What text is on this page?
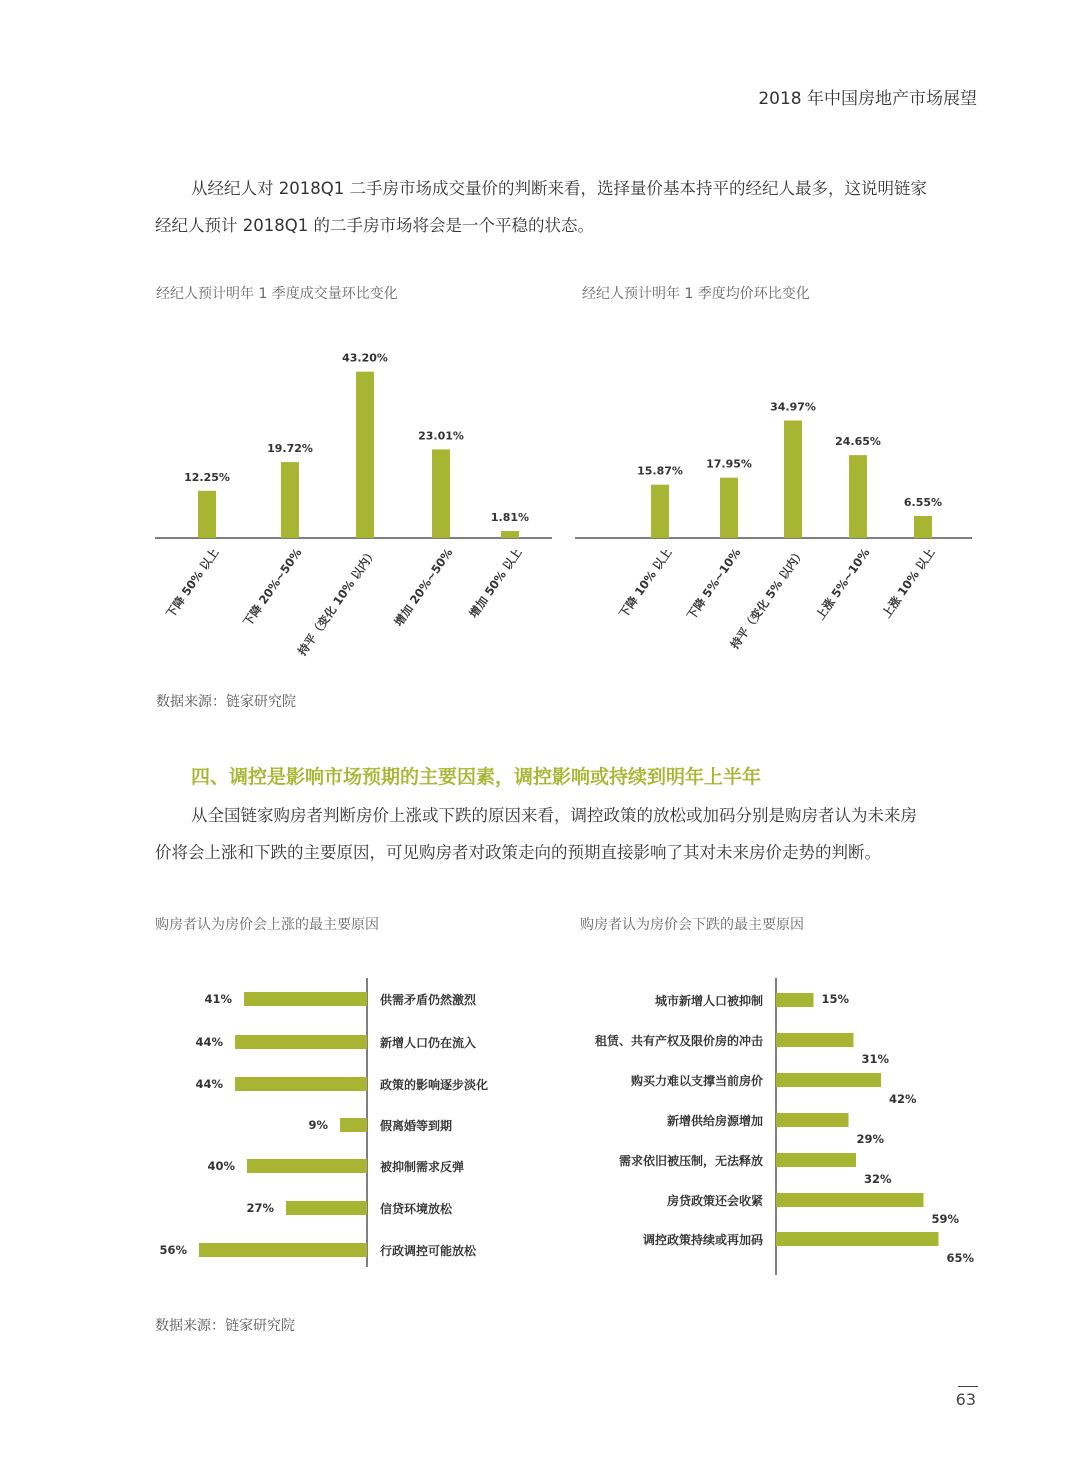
2018 年中国房地产市场展望

从经纪人对 2018Q1 二手房市场成交量价的判断来看，选择量价基本持平的经纪人最多，这说明链家
经纪人预计 2018Q1 的二手房市场将会是一个平稳的状态。

经纪人预计明年 1 季度成交量环比变化	经纪人预计明年 1 季度均价环比变化
12.25%
下降 50% 以上
19.72%
下降 20%~50%
43.20%
持平（变化 10% 以内）
23.01%
增加 20%~50%
1.81%
增加 50% 以上
15.87%
下降 10% 以上
17.95%
下降 5%~10%
34.97%
持平（变化 5% 以内）
24.65%
上涨 5%~10%
6.55%
上涨 10% 以上
数据来源：链家研究院
四、调控是影响市场预期的主要因素，调控影响或持续到明年上半年

从全国链家购房者判断房价上涨或下跌的原因来看，调控政策的放松或加码分别是购房者认为未来房
价将会上涨和下跌的主要原因，可见购房者对政策走向的预期直接影响了其对未来房价走势的判断。

购房者认为房价会上涨的最主要原因	购房者认为房价会下跌的最主要原因
41%	供需矛盾仍然激烈
44%	新增人口仍在流入
44%	政策的影响逐步淡化
9%	假离婚等到期
40%	被抑制需求反弹
27%	信贷环境放松
56%	行政调控可能放松
15%
城市新增人口被抑制
31%
租赁、共有产权及限价房的冲击
42%
购买力难以支撑当前房价
29%
新增供给房源增加
32%
需求依旧被压制，无法释放
59%
房贷政策还会收紧
65%
调控政策持续或再加码
数据来源：链家研究院
63
